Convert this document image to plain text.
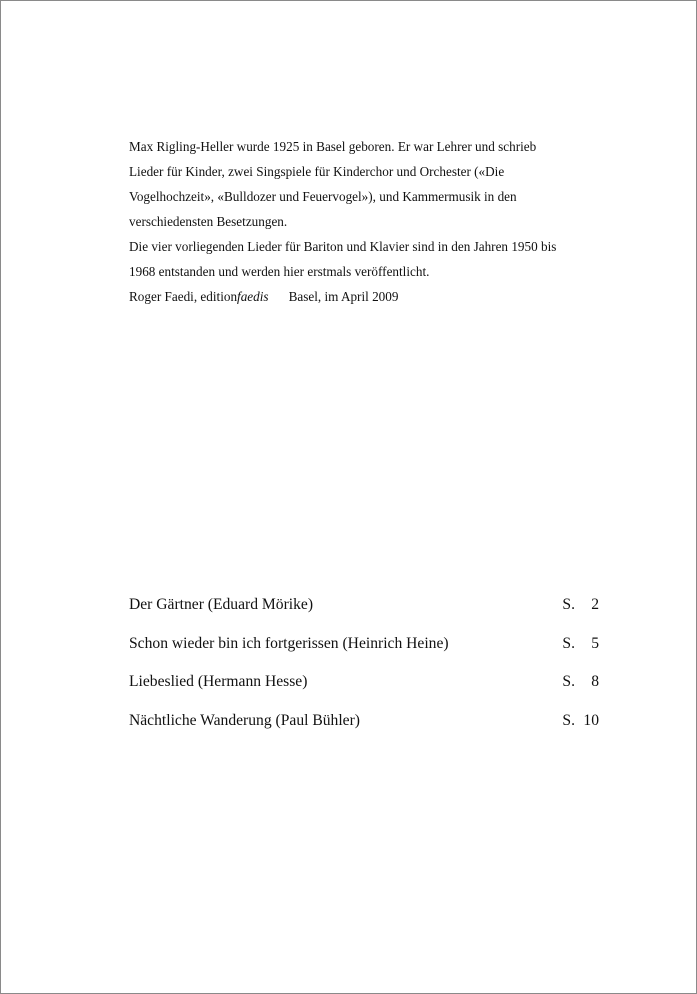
Max Rigling-Heller wurde 1925 in Basel geboren. Er war Lehrer und schrieb
Lieder für Kinder, zwei Singspiele für Kinderchor und Orchester («Die
Vogelhochzeit», «Bulldozer und Feuervogel»), und Kammermusik in den
verschiedensten Besetzungen.
Die vier vorliegenden Lieder für Bariton und Klavier sind in den Jahren 1950 bis
1968 entstanden und werden hier erstmals veröffentlicht.
Roger Faedi, editionfaedis Basel, im April 2009
Der Gärtner (Eduard Mörike)	S. 2
Schon wieder bin ich fortgerissen (Heinrich Heine)	S. 5
Liebeslied (Hermann Hesse)	S. 8
Nächtliche Wanderung (Paul Bühler)	S. 10
